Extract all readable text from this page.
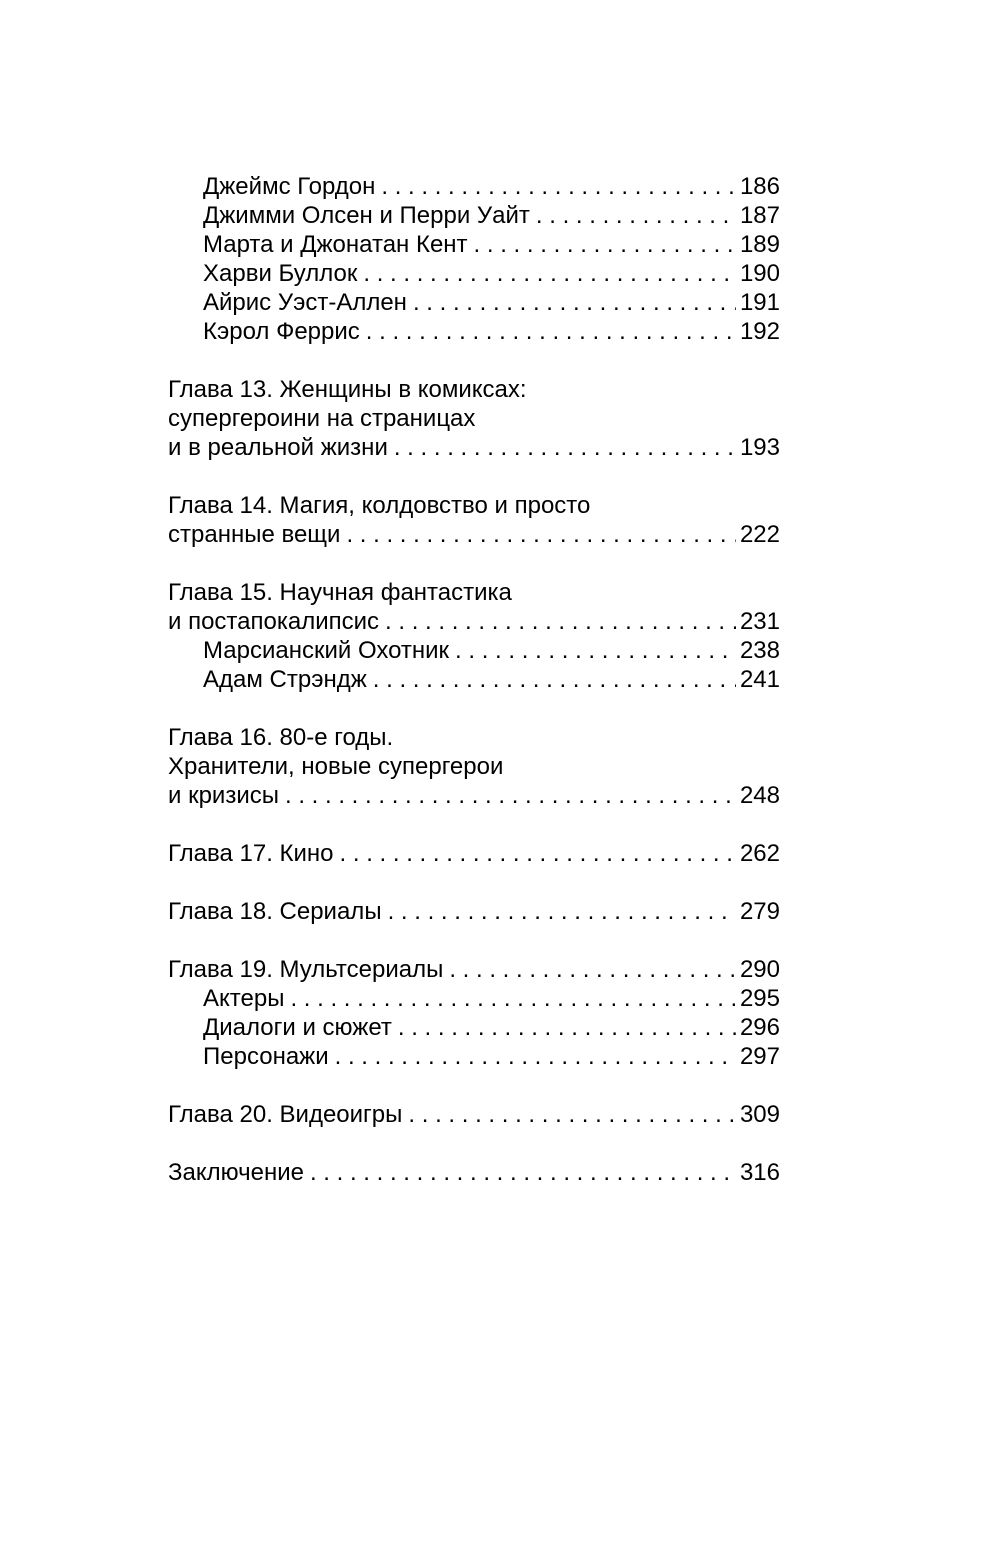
Джеймс Гордон . . .	186
Джимми Олсен и Перри Уайт . . .	187
Марта и Джонатан Кент . . .	189
Харви Буллок . . .	190
Айрис Уэст-Аллен . . .	191
Кэрол Феррис . . .	192
Глава 13. Женщины в комиксах:
супергероини на страницах
и в реальной жизни . . .	193
Глава 14. Магия, колдовство и просто
странные вещи . . .	222
Глава 15. Научная фантастика
и постапокалипсис . . .	231
Марсианский Охотник . . .	238
Адам Стрэндж . . .	241
Глава 16. 80-е годы.
Хранители, новые супергерои
и кризисы . . .	248
Глава 17. Кино . . .	262
Глава 18. Сериалы . . .	279
Глава 19. Мультсериалы . . .	290
Актеры . . .	295
Диалоги и сюжет . . .	296
Персонажи . . .	297
Глава 20. Видеоигры . . .	309
Заключение . . .	316
